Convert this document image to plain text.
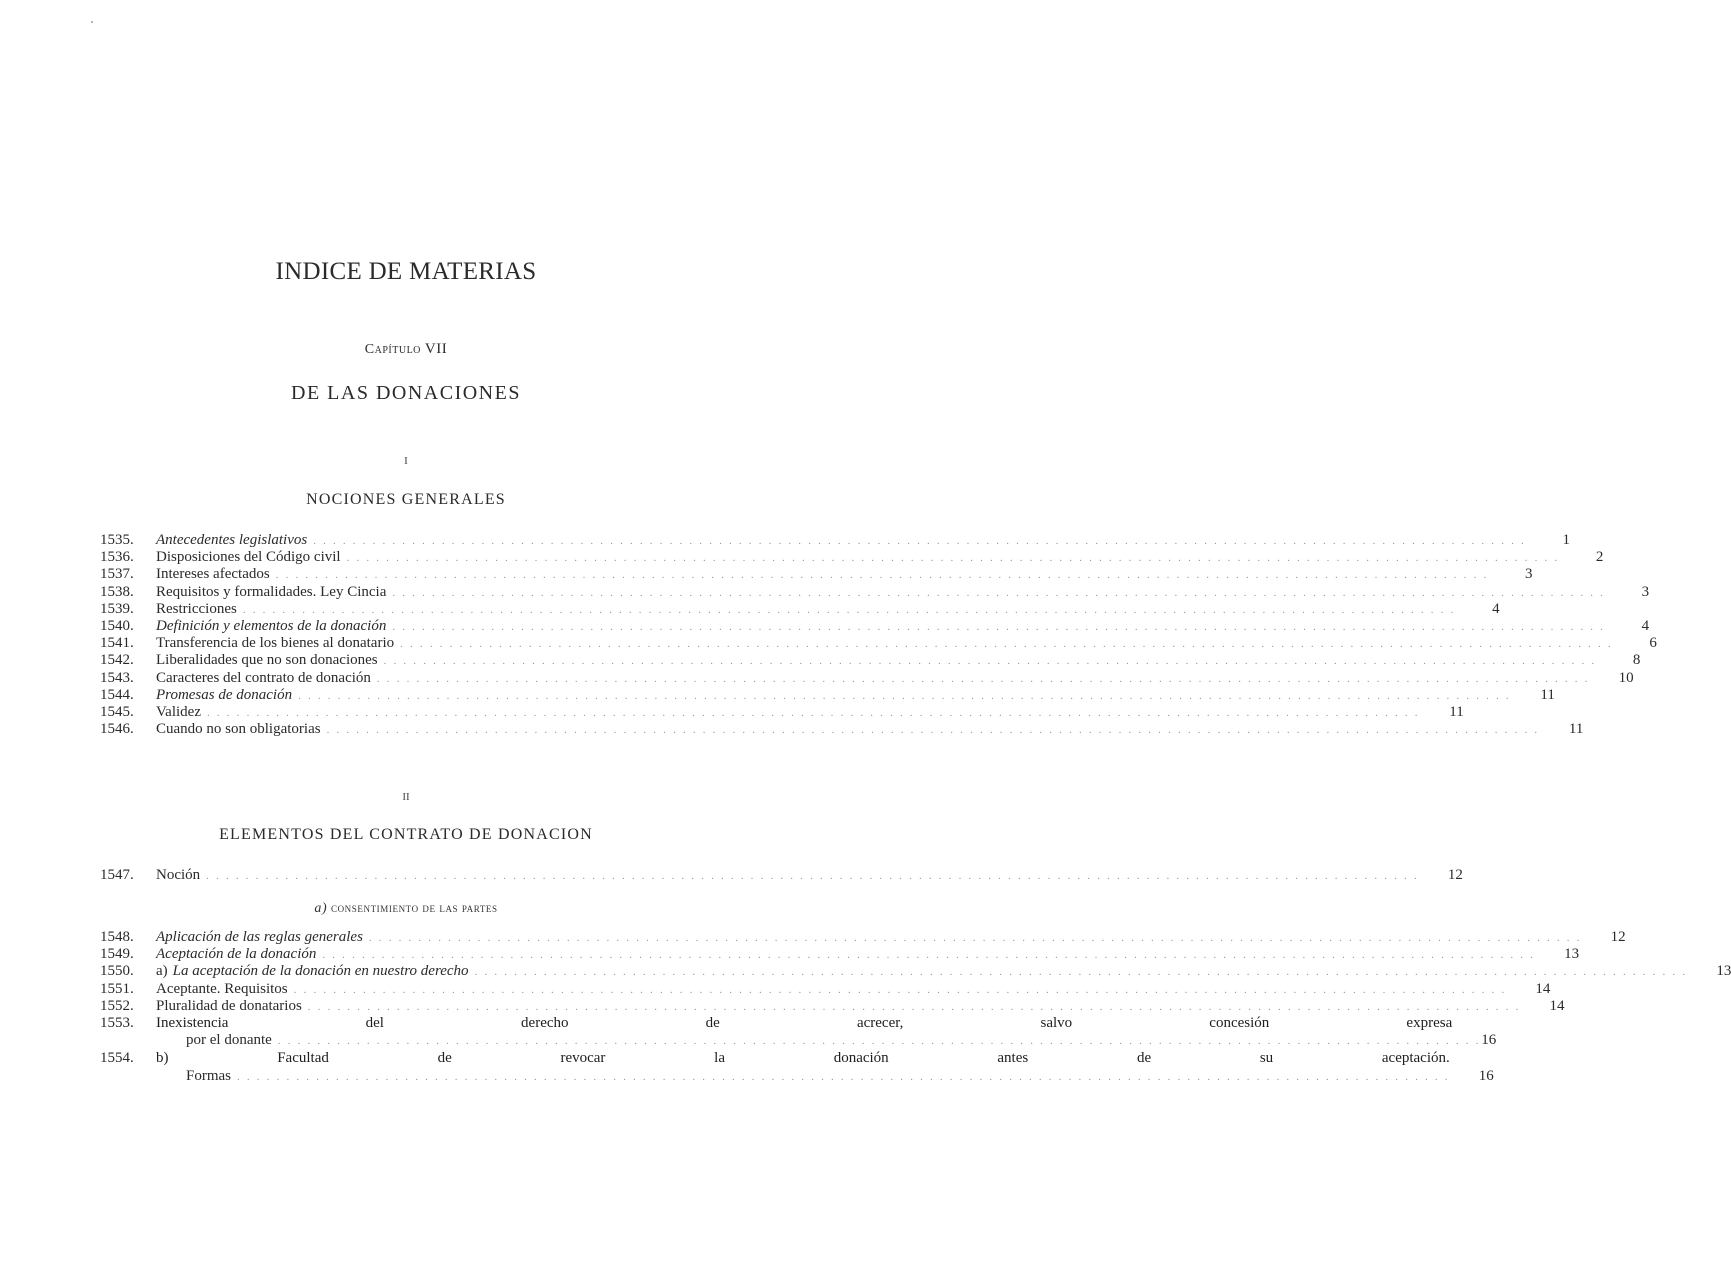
INDICE DE MATERIAS
Capítulo VII
DE LAS DONACIONES
I
NOCIONES GENERALES
1535.	Antecedentes legislativos . . .	1
1536.	Disposiciones del Código civil . . .	2
1537.	Intereses afectados . . .	3
1538.	Requisitos y formalidades. Ley Cincia . . .	3
1539.	Restricciones . . .	4
1540.	Definición y elementos de la donación . . .	4
1541.	Transferencia de los bienes al donatario . . .	6
1542.	Liberalidades que no son donaciones . . .	8
1543.	Caracteres del contrato de donación . . .	10
1544.	Promesas de donación . . .	11
1545.	Validez . . .	11
1546.	Cuando no son obligatorias . . .	11
II
ELEMENTOS DEL CONTRATO DE DONACION
1547.	Noción . . .	12
a) consentimiento de las partes
1548.	Aplicación de las reglas generales . . .	12
1549.	Aceptación de la donación . . .	13
1550.	a) La aceptación de la donación en nuestro derecho . . .	13
1551.	Aceptante. Requisitos . . .	14
1552.	Pluralidad de donatarios . . .	14
1553.	Inexistencia del derecho de acrecer, salvo concesión expresa
por el donante . . .	16
1554.	b) Facultad de revocar la donación antes de su aceptación.
Formas . . .	16
